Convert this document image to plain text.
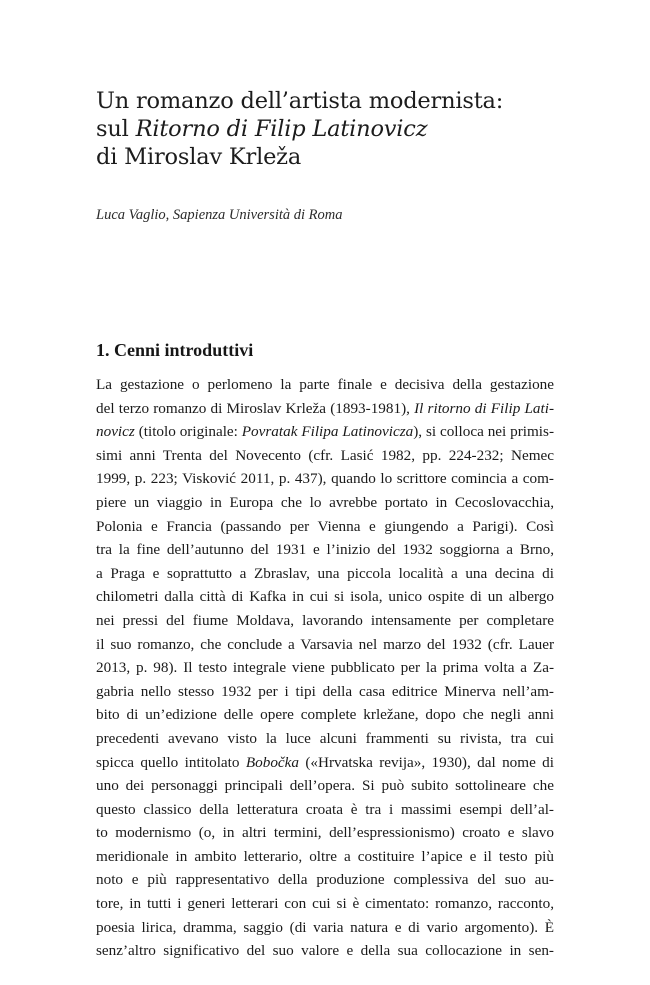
Un romanzo dell’artista modernista:
sul Ritorno di Filip Latinovicz
di Miroslav Krleža
Luca Vaglio, Sapienza Università di Roma
1. Cenni introduttivi
La gestazione o perlomeno la parte finale e decisiva della gestazione
del terzo romanzo di Miroslav Krleža (1893-1981), Il ritorno di Filip Lati-
novicz (titolo originale: Povratak Filipa Latinovicza), si colloca nei primis-
simi anni Trenta del Novecento (cfr. Lasić 1982, pp. 224-232; Nemec
1999, p. 223; Visković 2011, p. 437), quando lo scrittore comincia a com-
piere un viaggio in Europa che lo avrebbe portato in Cecoslovacchia,
Polonia e Francia (passando per Vienna e giungendo a Parigi). Così
tra la fine dell’autunno del 1931 e l’inizio del 1932 soggiorna a Brno,
a Praga e soprattutto a Zbraslav, una piccola località a una decina di
chilometri dalla città di Kafka in cui si isola, unico ospite di un albergo
nei pressi del fiume Moldava, lavorando intensamente per completare
il suo romanzo, che conclude a Varsavia nel marzo del 1932 (cfr. Lauer
2013, p. 98). Il testo integrale viene pubblicato per la prima volta a Za-
gabria nello stesso 1932 per i tipi della casa editrice Minerva nell’am-
bito di un’edizione delle opere complete krležane, dopo che negli anni
precedenti avevano visto la luce alcuni frammenti su rivista, tra cui
spicca quello intitolato Bobočka («Hrvatska revija», 1930), dal nome di
uno dei personaggi principali dell’opera. Si può subito sottolineare che
questo classico della letteratura croata è tra i massimi esempi dell’al-
to modernismo (o, in altri termini, dell’espressionismo) croato e slavo
meridionale in ambito letterario, oltre a costituire l’apice e il testo più
noto e più rappresentativo della produzione complessiva del suo au-
tore, in tutti i generi letterari con cui si è cimentato: romanzo, racconto,
poesia lirica, dramma, saggio (di varia natura e di vario argomento). È
senz’altro significativo del suo valore e della sua collocazione in sen-
